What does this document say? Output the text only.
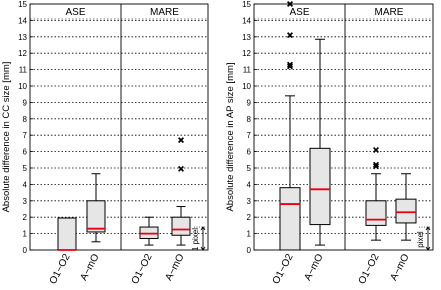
0
1
2
3
4
5
6
7
8
9
10
11
12
13
14
15
ASE	MARE
Absolute difference in CC size [mm]
O1−O2 A−mO	O1−O2 A−mO
1 pixel	0
1
2
3
4
5
6
7
8
9
10
11
12
13
14
15
ASE	MARE
Absolute difference in AP size [mm]
O1−O2 A−mO	O1−O2 A−mO
pixel
